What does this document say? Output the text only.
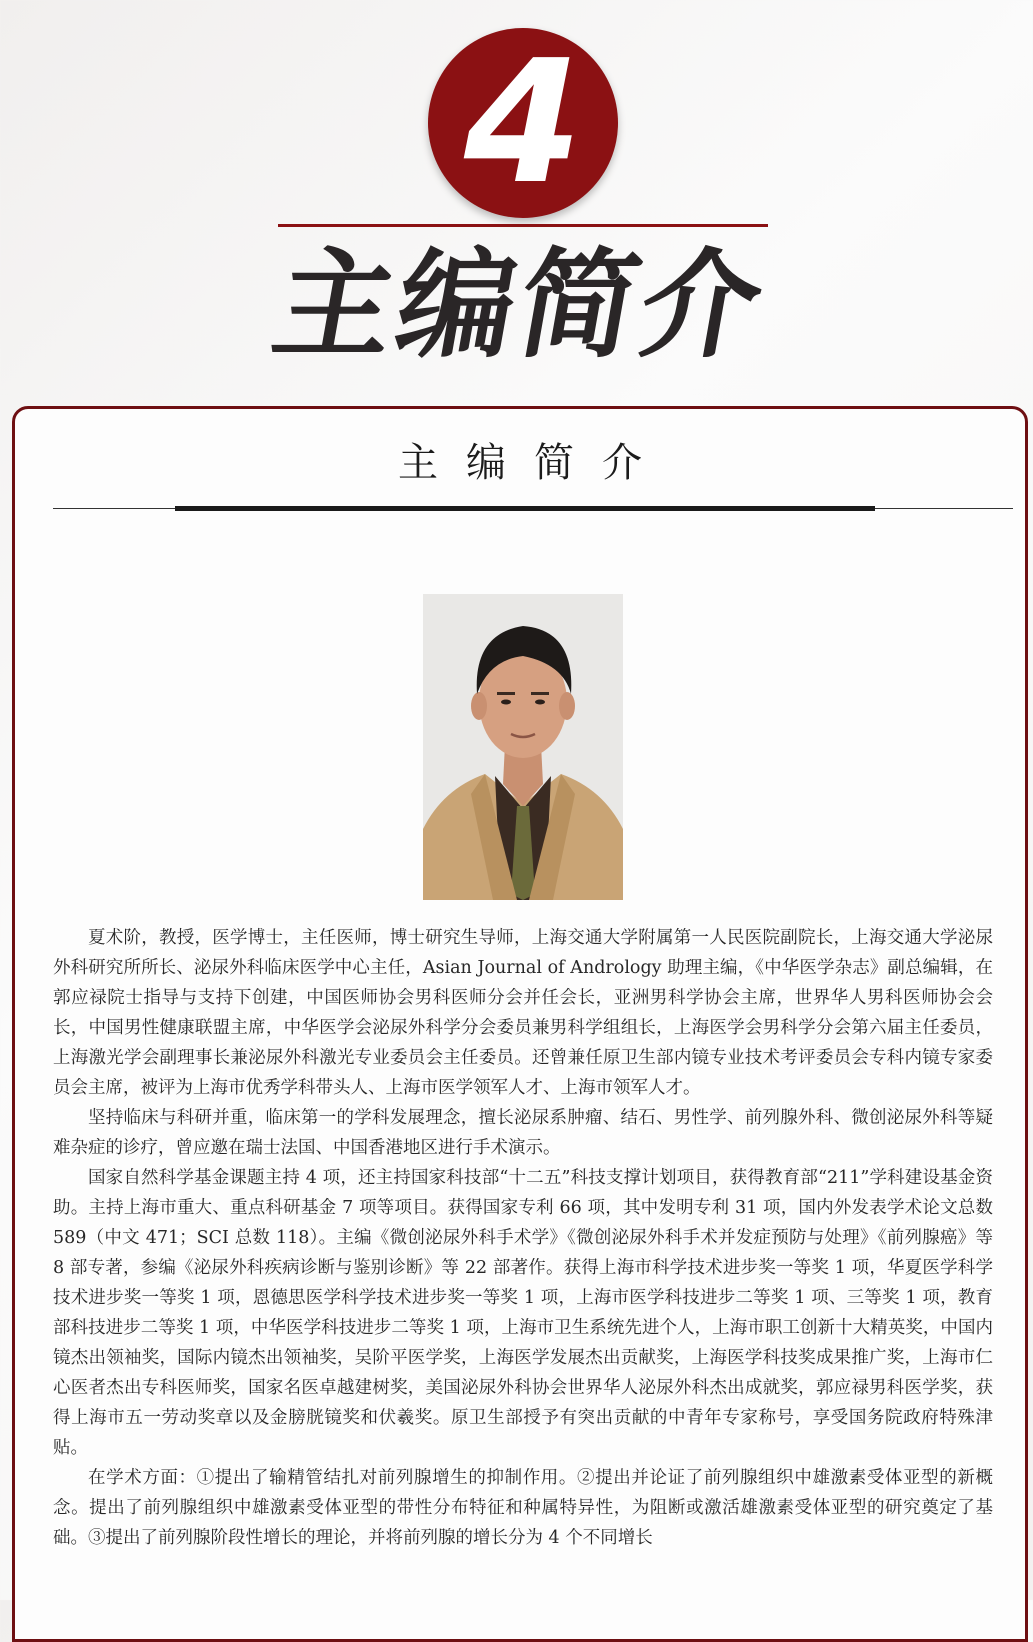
4
主编简介
主编简介

夏术阶，教授，医学博士，主任医师，博士研究生导师，上海交通大学附属第一人民医院副院长，上海交通大学泌尿外科研究所所长、泌尿外科临床医学中心主任，Asian Journal of Andrology 助理主编，《中华医学杂志》副总编辑，在郭应禄院士指导与支持下创建，中国医师协会男科医师分会并任会长，亚洲男科学协会主席，世界华人男科医师协会会长，中国男性健康联盟主席，中华医学会泌尿外科学分会委员兼男科学组组长，上海医学会男科学分会第六届主任委员，上海激光学会副理事长兼泌尿外科激光专业委员会主任委员。还曾兼任原卫生部内镜专业技术考评委员会专科内镜专家委员会主席，被评为上海市优秀学科带头人、上海市医学领军人才、上海市领军人才。

坚持临床与科研并重，临床第一的学科发展理念，擅长泌尿系肿瘤、结石、男性学、前列腺外科、微创泌尿外科等疑难杂症的诊疗，曾应邀在瑞士法国、中国香港地区进行手术演示。

国家自然科学基金课题主持 4 项，还主持国家科技部“十二五”科技支撑计划项目，获得教育部“211”学科建设基金资助。主持上海市重大、重点科研基金 7 项等项目。获得国家专利 66 项，其中发明专利 31 项，国内外发表学术论文总数 589（中文 471；SCI 总数 118）。主编《微创泌尿外科手术学》《微创泌尿外科手术并发症预防与处理》《前列腺癌》等 8 部专著，参编《泌尿外科疾病诊断与鉴别诊断》等 22 部著作。获得上海市科学技术进步奖一等奖 1 项，华夏医学科学技术进步奖一等奖 1 项，恩德思医学科学技术进步奖一等奖 1 项，上海市医学科技进步二等奖 1 项、三等奖 1 项，教育部科技进步二等奖 1 项，中华医学科技进步二等奖 1 项，上海市卫生系统先进个人，上海市职工创新十大精英奖，中国内镜杰出领袖奖，国际内镜杰出领袖奖，吴阶平医学奖，上海医学发展杰出贡献奖，上海医学科技奖成果推广奖，上海市仁心医者杰出专科医师奖，国家名医卓越建树奖，美国泌尿外科协会世界华人泌尿外科杰出成就奖，郭应禄男科医学奖，获得上海市五一劳动奖章以及金膀胱镜奖和伏羲奖。原卫生部授予有突出贡献的中青年专家称号，享受国务院政府特殊津贴。

在学术方面：①提出了输精管结扎对前列腺增生的抑制作用。②提出并论证了前列腺组织中雄激素受体亚型的新概念。提出了前列腺组织中雄激素受体亚型的带性分布特征和种属特异性，为阻断或激活雄激素受体亚型的研究奠定了基础。③提出了前列腺阶段性增长的理论，并将前列腺的增长分为 4 个不同增长
